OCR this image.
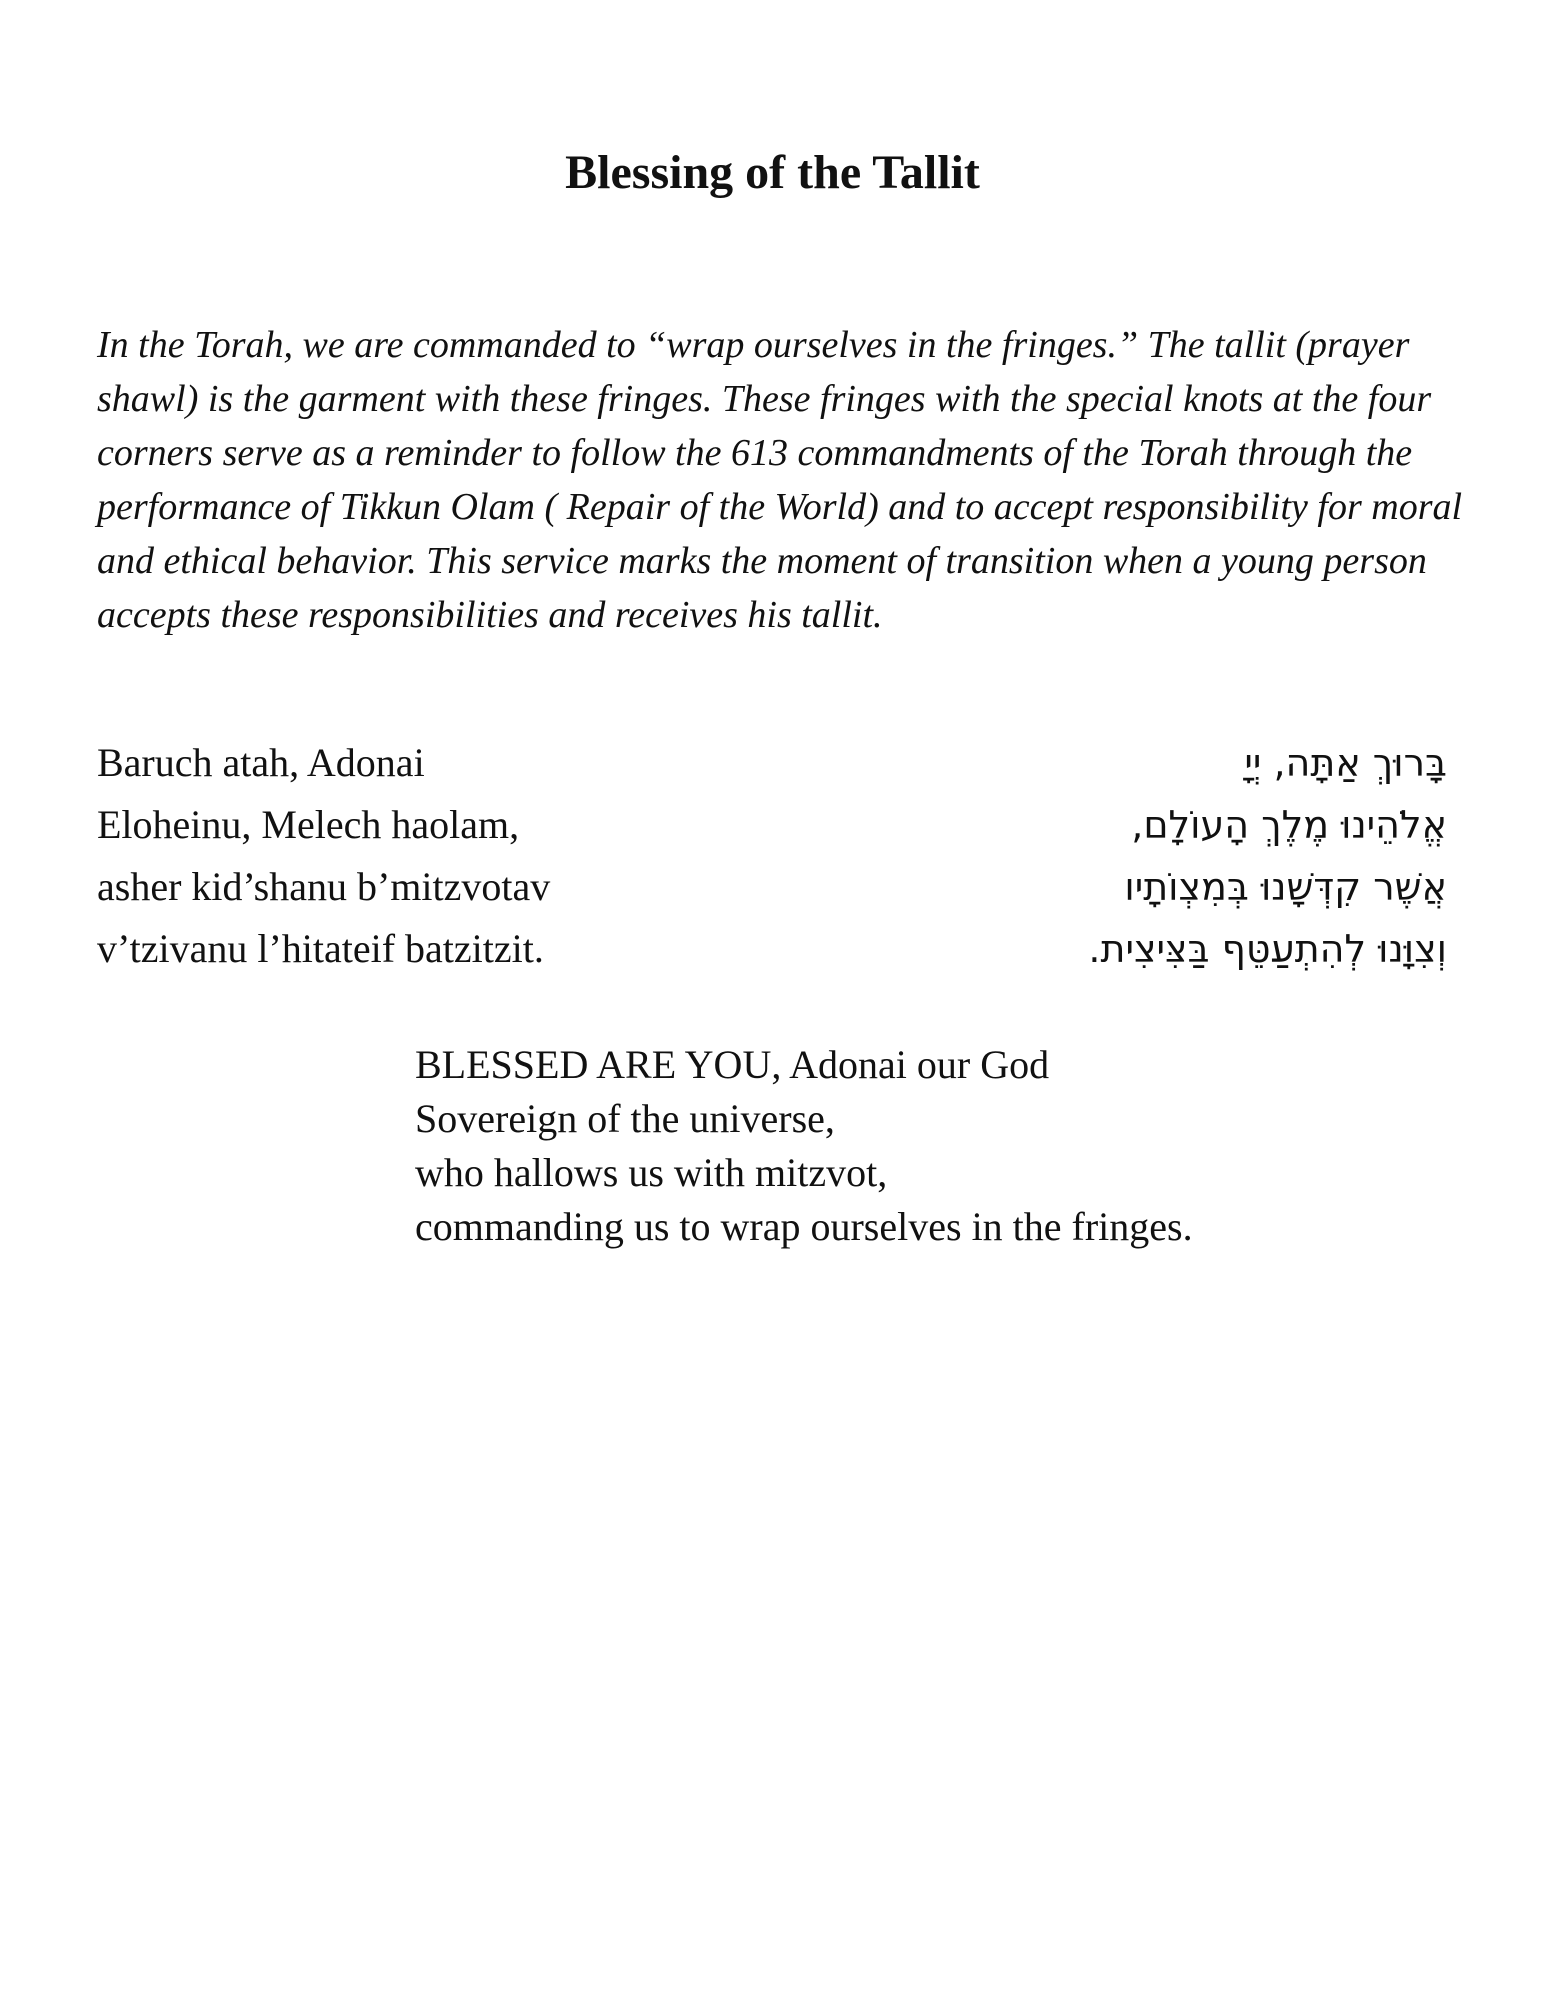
Blessing of the Tallit

In the Torah, we are commanded to “wrap ourselves in the fringes.” The tallit (prayer shawl) is the garment with these fringes. These fringes with the special knots at the four corners serve as a reminder to follow the 613 commandments of the Torah through the performance of Tikkun Olam ( Repair of the World) and to accept responsibility for moral and ethical behavior. This service marks the moment of transition when a young person accepts these responsibilities and receives his tallit.

Baruch atah, Adonai	בָּרוּךְ אַתָּה, יְיָ
Eloheinu, Melech haolam,	אֱלֹהֵינוּ מֶלֶךְ הָעוֹלָם,
asher kid’shanu b’mitzvotav	אֲשֶׁר קִדְּשָׁנוּ בְּמִצְוֹתָיו
v’tzivanu l’hitateif batzitzit.	וְצִוָּנוּ לְהִתְעַטֵּף בַּצִּיצִית.
BLESSED ARE YOU, Adonai our God
Sovereign of the universe,
who hallows us with mitzvot,
commanding us to wrap ourselves in the fringes.
